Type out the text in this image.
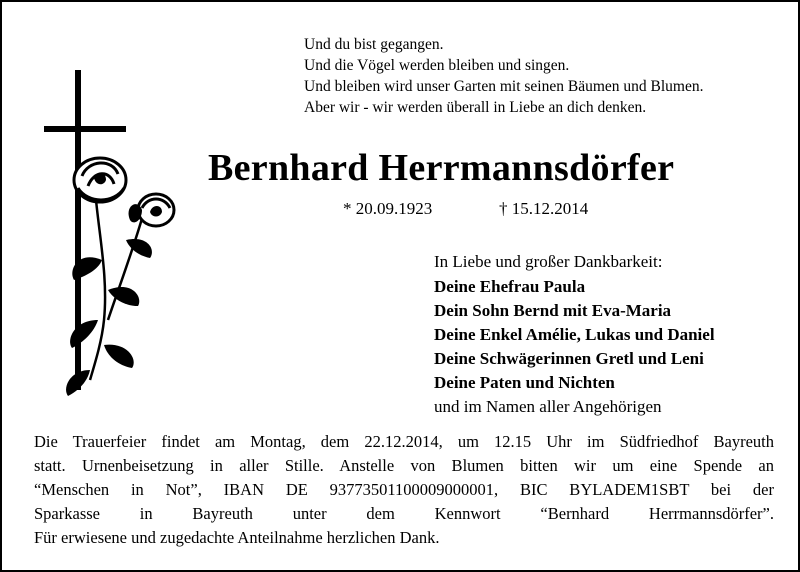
Und du bist gegangen.
Und die Vögel werden bleiben und singen.
Und bleiben wird unser Garten mit seinen Bäumen und Blumen.
Aber wir - wir werden überall in Liebe an dich denken.
Bernhard Herrmannsdörfer
* 20.09.1923	† 15.12.2014
In Liebe und großer Dankbarkeit:
Deine Ehefrau Paula
Dein Sohn Bernd mit Eva-Maria
Deine Enkel Amélie, Lukas und Daniel
Deine Schwägerinnen Gretl und Leni
Deine Paten und Nichten
und im Namen aller Angehörigen
Die Trauerfeier findet am Montag, dem 22.12.2014, um 12.15 Uhr im Südfriedhof Bayreuth
statt. Urnenbeisetzung in aller Stille. Anstelle von Blumen bitten wir um eine Spende an
“Menschen in Not”, IBAN DE 93773501100009000001, BIC BYLADEM1SBT bei der
Sparkasse in Bayreuth unter dem Kennwort “Bernhard Herrmannsdörfer”.
Für erwiesene und zugedachte Anteilnahme herzlichen Dank.
